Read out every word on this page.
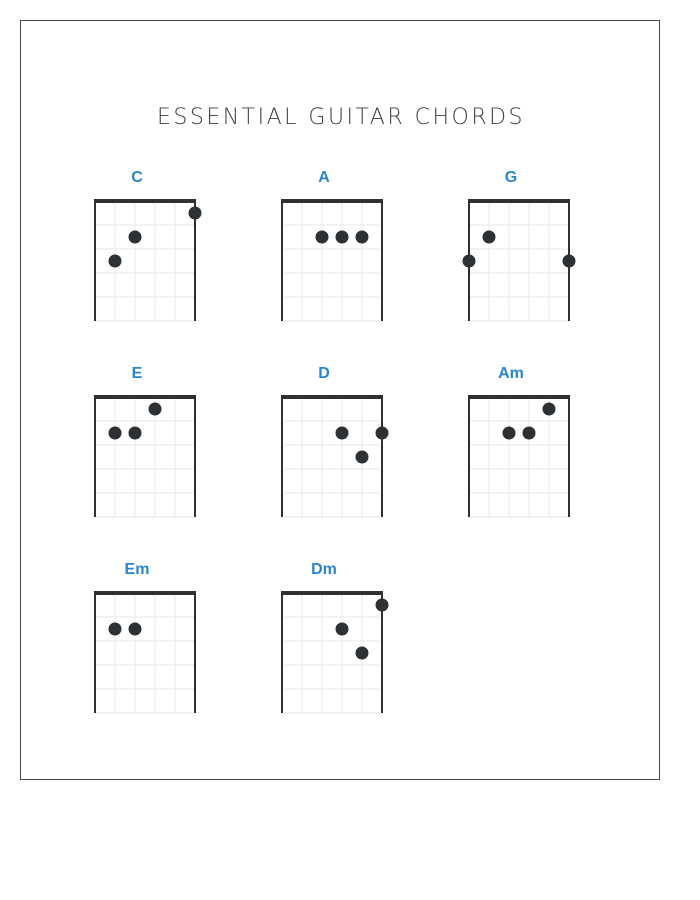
ESSENTIAL GUITAR CHORDS
C	A	G
E	D	Am
Em	Dm
